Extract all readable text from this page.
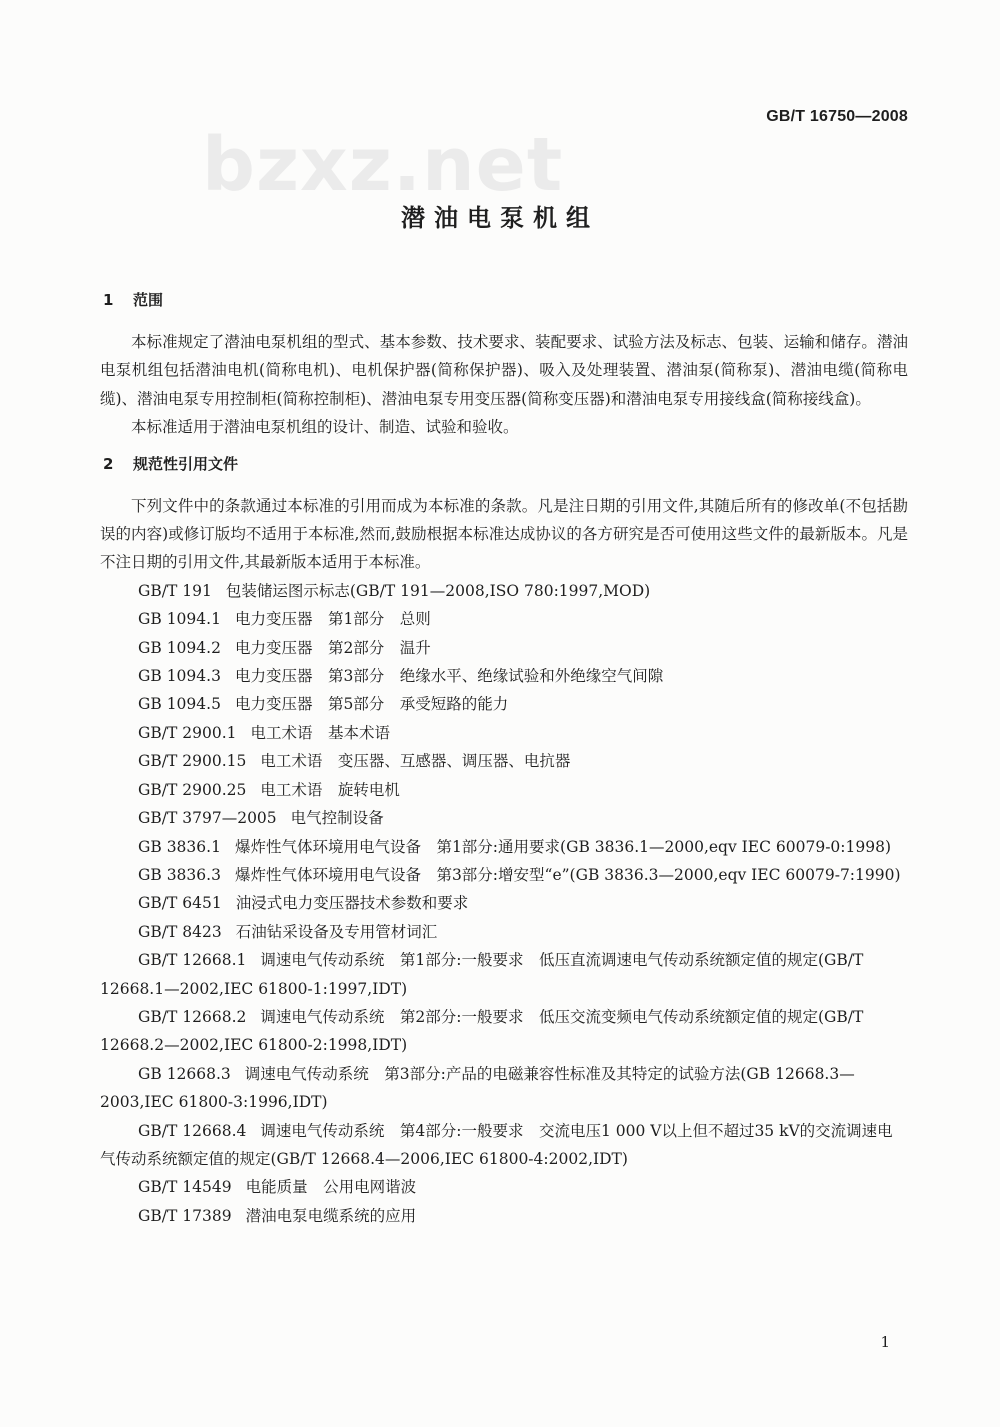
bzxz.net
GB/T 16750—2008
潜油电泵机组
1 范围

本标准规定了潜油电泵机组的型式、基本参数、技术要求、装配要求、试验方法及标志、包装、运输和储存。潜油电泵机组包括潜油电机(简称电机)、电机保护器(简称保护器)、吸入及处理装置、潜油泵(简称泵)、潜油电缆(简称电缆)、潜油电泵专用控制柜(简称控制柜)、潜油电泵专用变压器(简称变压器)和潜油电泵专用接线盒(简称接线盒)。

本标准适用于潜油电泵机组的设计、制造、试验和验收。

2 规范性引用文件

下列文件中的条款通过本标准的引用而成为本标准的条款。凡是注日期的引用文件,其随后所有的修改单(不包括勘误的内容)或修订版均不适用于本标准,然而,鼓励根据本标准达成协议的各方研究是否可使用这些文件的最新版本。凡是不注日期的引用文件,其最新版本适用于本标准。

GB/T 191 包装储运图示标志(GB/T 191—2008,ISO 780:1997,MOD)
GB 1094.1 电力变压器　第1部分　总则
GB 1094.2 电力变压器　第2部分　温升
GB 1094.3 电力变压器　第3部分　绝缘水平、绝缘试验和外绝缘空气间隙
GB 1094.5 电力变压器　第5部分　承受短路的能力
GB/T 2900.1 电工术语　基本术语
GB/T 2900.15 电工术语　变压器、互感器、调压器、电抗器
GB/T 2900.25 电工术语　旋转电机
GB/T 3797—2005 电气控制设备
GB 3836.1 爆炸性气体环境用电气设备　第1部分:通用要求(GB 3836.1—2000,eqv IEC 60079-0:1998)
GB 3836.3 爆炸性气体环境用电气设备　第3部分:增安型“e”(GB 3836.3—2000,eqv IEC 60079-7:1990)
GB/T 6451 油浸式电力变压器技术参数和要求
GB/T 8423 石油钻采设备及专用管材词汇
GB/T 12668.1 调速电气传动系统　第1部分:一般要求　低压直流调速电气传动系统额定值的规定(GB/T 12668.1—2002,IEC 61800-1:1997,IDT)
GB/T 12668.2 调速电气传动系统　第2部分:一般要求　低压交流变频电气传动系统额定值的规定(GB/T 12668.2—2002,IEC 61800-2:1998,IDT)
GB 12668.3 调速电气传动系统　第3部分:产品的电磁兼容性标准及其特定的试验方法(GB 12668.3—2003,IEC 61800-3:1996,IDT)
GB/T 12668.4 调速电气传动系统　第4部分:一般要求　交流电压1 000 V以上但不超过35 kV的交流调速电气传动系统额定值的规定(GB/T 12668.4—2006,IEC 61800-4:2002,IDT)
GB/T 14549 电能质量　公用电网谐波
GB/T 17389 潜油电泵电缆系统的应用
1
